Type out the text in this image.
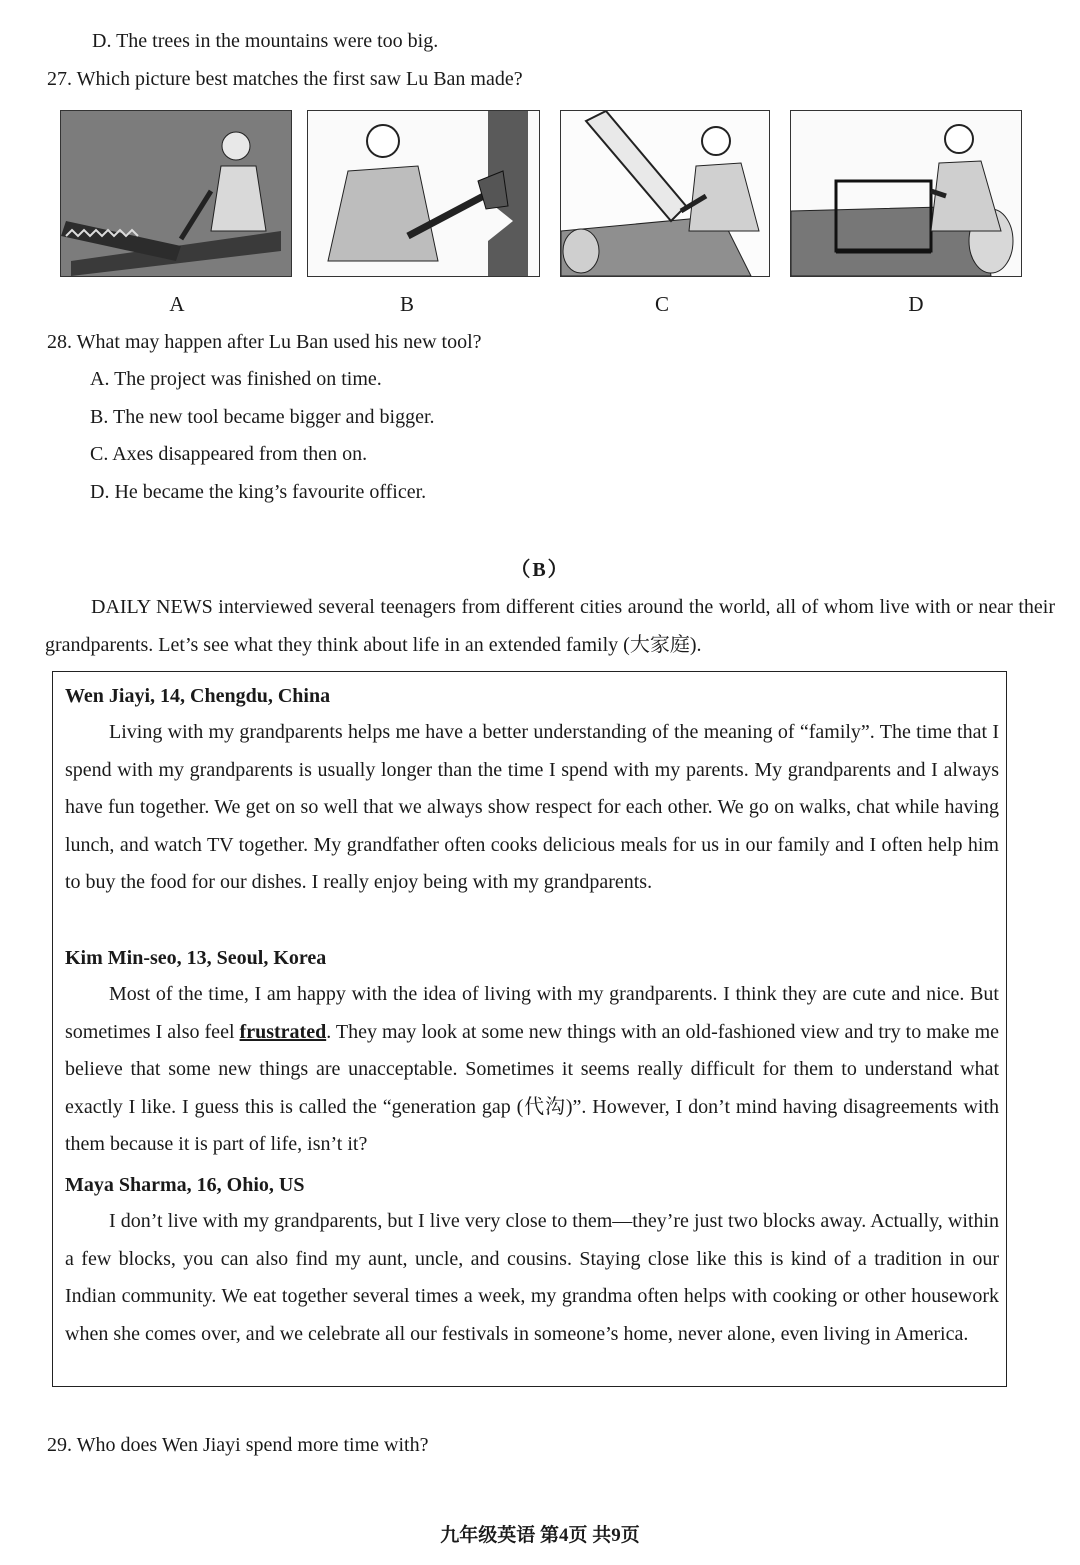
D. The trees in the mountains were too big.
27. Which picture best matches the first saw Lu Ban made?
A	B	C	D
28. What may happen after Lu Ban used his new tool?
A. The project was finished on time.
B. The new tool became bigger and bigger.
C. Axes disappeared from then on.
D. He became the king’s favourite officer.
（B）

DAILY NEWS interviewed several teenagers from different cities around the world, all of whom live with or near their grandparents. Let’s see what they think about life in an extended family (大家庭).

Wen Jiayi, 14, Chengdu, China

Living with my grandparents helps me have a better understanding of the meaning of “family”. The time that I spend with my grandparents is usually longer than the time I spend with my parents. My grandparents and I always have fun together. We get on so well that we always show respect for each other. We go on walks, chat while having lunch, and watch TV together. My grandfather often cooks delicious meals for us in our family and I often help him to buy the food for our dishes. I really enjoy being with my grandparents.

Kim Min-seo, 13, Seoul, Korea

Most of the time, I am happy with the idea of living with my grandparents. I think they are cute and nice. But sometimes I also feel frustrated. They may look at some new things with an old-fashioned view and try to make me believe that some new things are unacceptable. Sometimes it seems really difficult for them to understand what exactly I like. I guess this is called the “generation gap (代沟)”. However, I don’t mind having disagreements with them because it is part of life, isn’t it?

Maya Sharma, 16, Ohio, US

I don’t live with my grandparents, but I live very close to them—they’re just two blocks away. Actually, within a few blocks, you can also find my aunt, uncle, and cousins. Staying close like this is kind of a tradition in our Indian community. We eat together several times a week, my grandma often helps with cooking or other housework when she comes over, and we celebrate all our festivals in someone’s home, never alone, even living in America.

29. Who does Wen Jiayi spend more time with?
九年级英语 第4页 共9页
